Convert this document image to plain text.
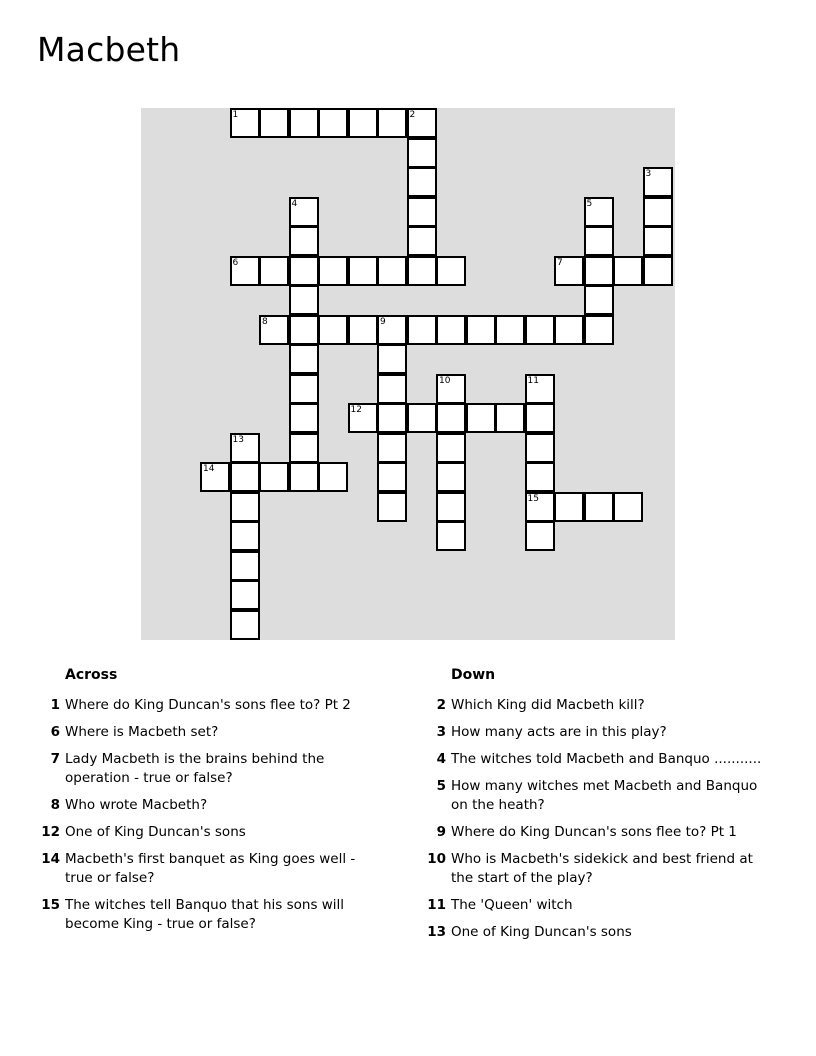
Macbeth
1	2
3
4	5
6	7
8	9
10	11
12
13
14
15
Across
1 Where do King Duncan's sons flee to? Pt 2
6 Where is Macbeth set?
7 Lady Macbeth is the brains behind the operation - true or false?
8 Who wrote Macbeth?
12 One of King Duncan's sons
14 Macbeth's first banquet as King goes well - true or false?
15 The witches tell Banquo that his sons will become King - true or false?
Down
2 Which King did Macbeth kill?
3 How many acts are in this play?
4 The witches told Macbeth and Banquo ...........
5 How many witches met Macbeth and Banquo on the heath?
9 Where do King Duncan's sons flee to? Pt 1
10 Who is Macbeth's sidekick and best friend at the start of the play?
11 The 'Queen' witch
13 One of King Duncan's sons
